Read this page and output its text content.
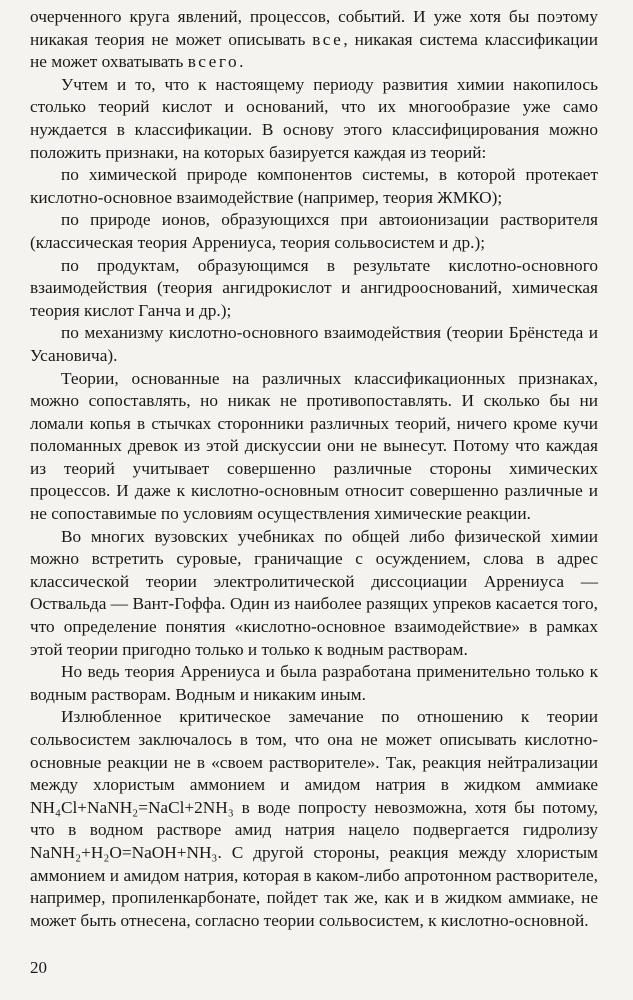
очерченного круга явлений, процессов, событий. И уже хотя бы поэтому никакая теория не может описывать все, никакая система классификации не может охватывать всего.

Учтем и то, что к настоящему периоду развития химии накопилось столько теорий кислот и оснований, что их многообразие уже само нуждается в классификации. В основу этого классифицирования можно положить признаки, на которых базируется каждая из теорий:

по химической природе компонентов системы, в которой протекает кислотно-основное взаимодействие (например, теория ЖМКО);

по природе ионов, образующихся при автоионизации растворителя (классическая теория Аррениуса, теория сольвосистем и др.);

по продуктам, образующимся в результате кислотно-основного взаимодействия (теория ангидрокислот и ангидрооснований, химическая теория кислот Ганча и др.);

по механизму кислотно-основного взаимодействия (теории Брёнстеда и Усановича).

Теории, основанные на различных классификационных признаках, можно сопоставлять, но никак не противопоставлять. И сколько бы ни ломали копья в стычках сторонники различных теорий, ничего кроме кучи поломанных древок из этой дискуссии они не вынесут. Потому что каждая из теорий учитывает совершенно различные стороны химических процессов. И даже к кислотно-основным относит совершенно различные и не сопоставимые по условиям осуществления химические реакции.

Во многих вузовских учебниках по общей либо физической химии можно встретить суровые, граничащие с осуждением, слова в адрес классической теории электролитической диссоциации Аррениуса — Оствальда — Вант-Гоффа. Один из наиболее разящих упреков касается того, что определение понятия «кислотно-основное взаимодействие» в рамках этой теории пригодно только и только к водным растворам.

Но ведь теория Аррениуса и была разработана применительно только к водным растворам. Водным и никаким иным.

Излюбленное критическое замечание по отношению к теории сольвосистем заключалось в том, что она не может описывать кислотно-основные реакции не в «своем растворителе». Так, реакция нейтрализации между хлористым аммонием и амидом натрия в жидком аммиаке NH₄Cl+NaNH₂=NaCl+2NH₃ в воде попросту невозможна, хотя бы потому, что в водном растворе амид натрия нацело подвергается гидролизу NaNH₂+H₂O=NaOH+NH₃. С другой стороны, реакция между хлористым аммонием и амидом натрия, которая в каком-либо апротонном растворителе, например, пропиленкарбонате, пойдет так же, как и в жидком аммиаке, не может быть отнесена, согласно теории сольвосистем, к кислотно-основной.

20
